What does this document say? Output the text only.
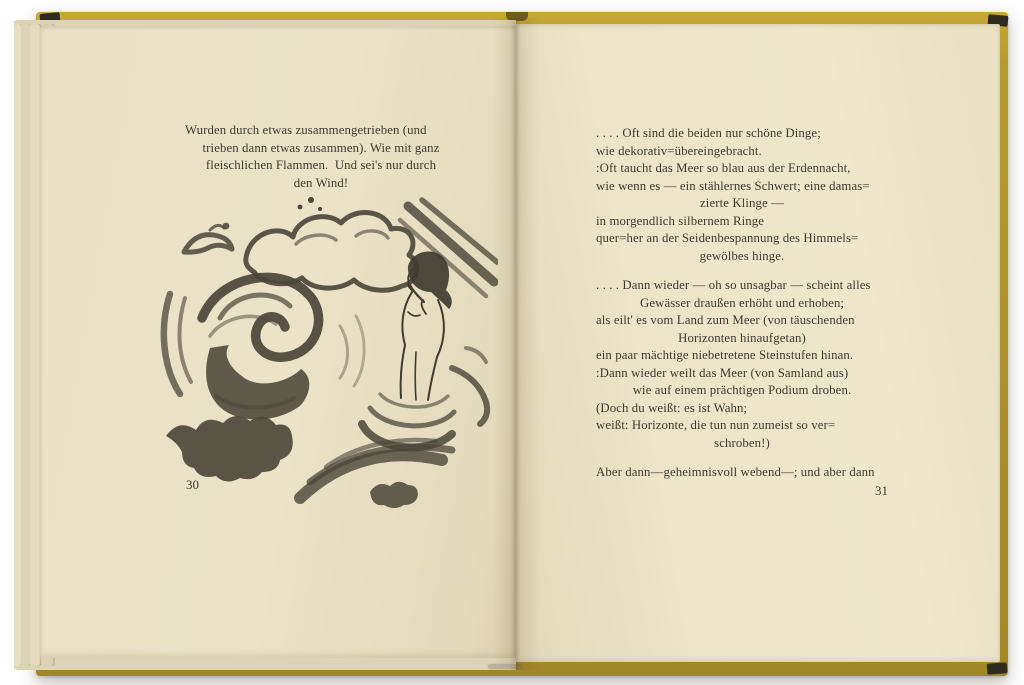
Wurden durch etwas zusammengetrieben (und
trieben dann etwas zusammen). Wie mit ganz
fleischlichen Flammen.  Und sei's nur durch
den Wind!
30
. . . . Oft sind die beiden nur schöne Dinge;
wie dekorativ=übereingebracht.
:Oft taucht das Meer so blau aus der Erdennacht,
wie wenn es — ein stählernes Schwert; eine damas=
zierte Klinge —
in morgendlich silbernem Ringe
quer=her an der Seidenbespannung des Himmels=
gewölbes hinge.
. . . . Dann wieder — oh so unsagbar — scheint alles
Gewässer draußen erhöht und erhoben;
als eilt' es vom Land zum Meer (von täuschenden
Horizonten hinaufgetan)
ein paar mächtige niebetretene Steinstufen hinan.
:Dann wieder weilt das Meer (von Samland aus)
wie auf einem prächtigen Podium droben.
(Doch du weißt: es ist Wahn;
weißt: Horizonte, die tun nun zumeist so ver=
schroben!)
Aber dann—geheimnisvoll webend—; und aber dann
31
